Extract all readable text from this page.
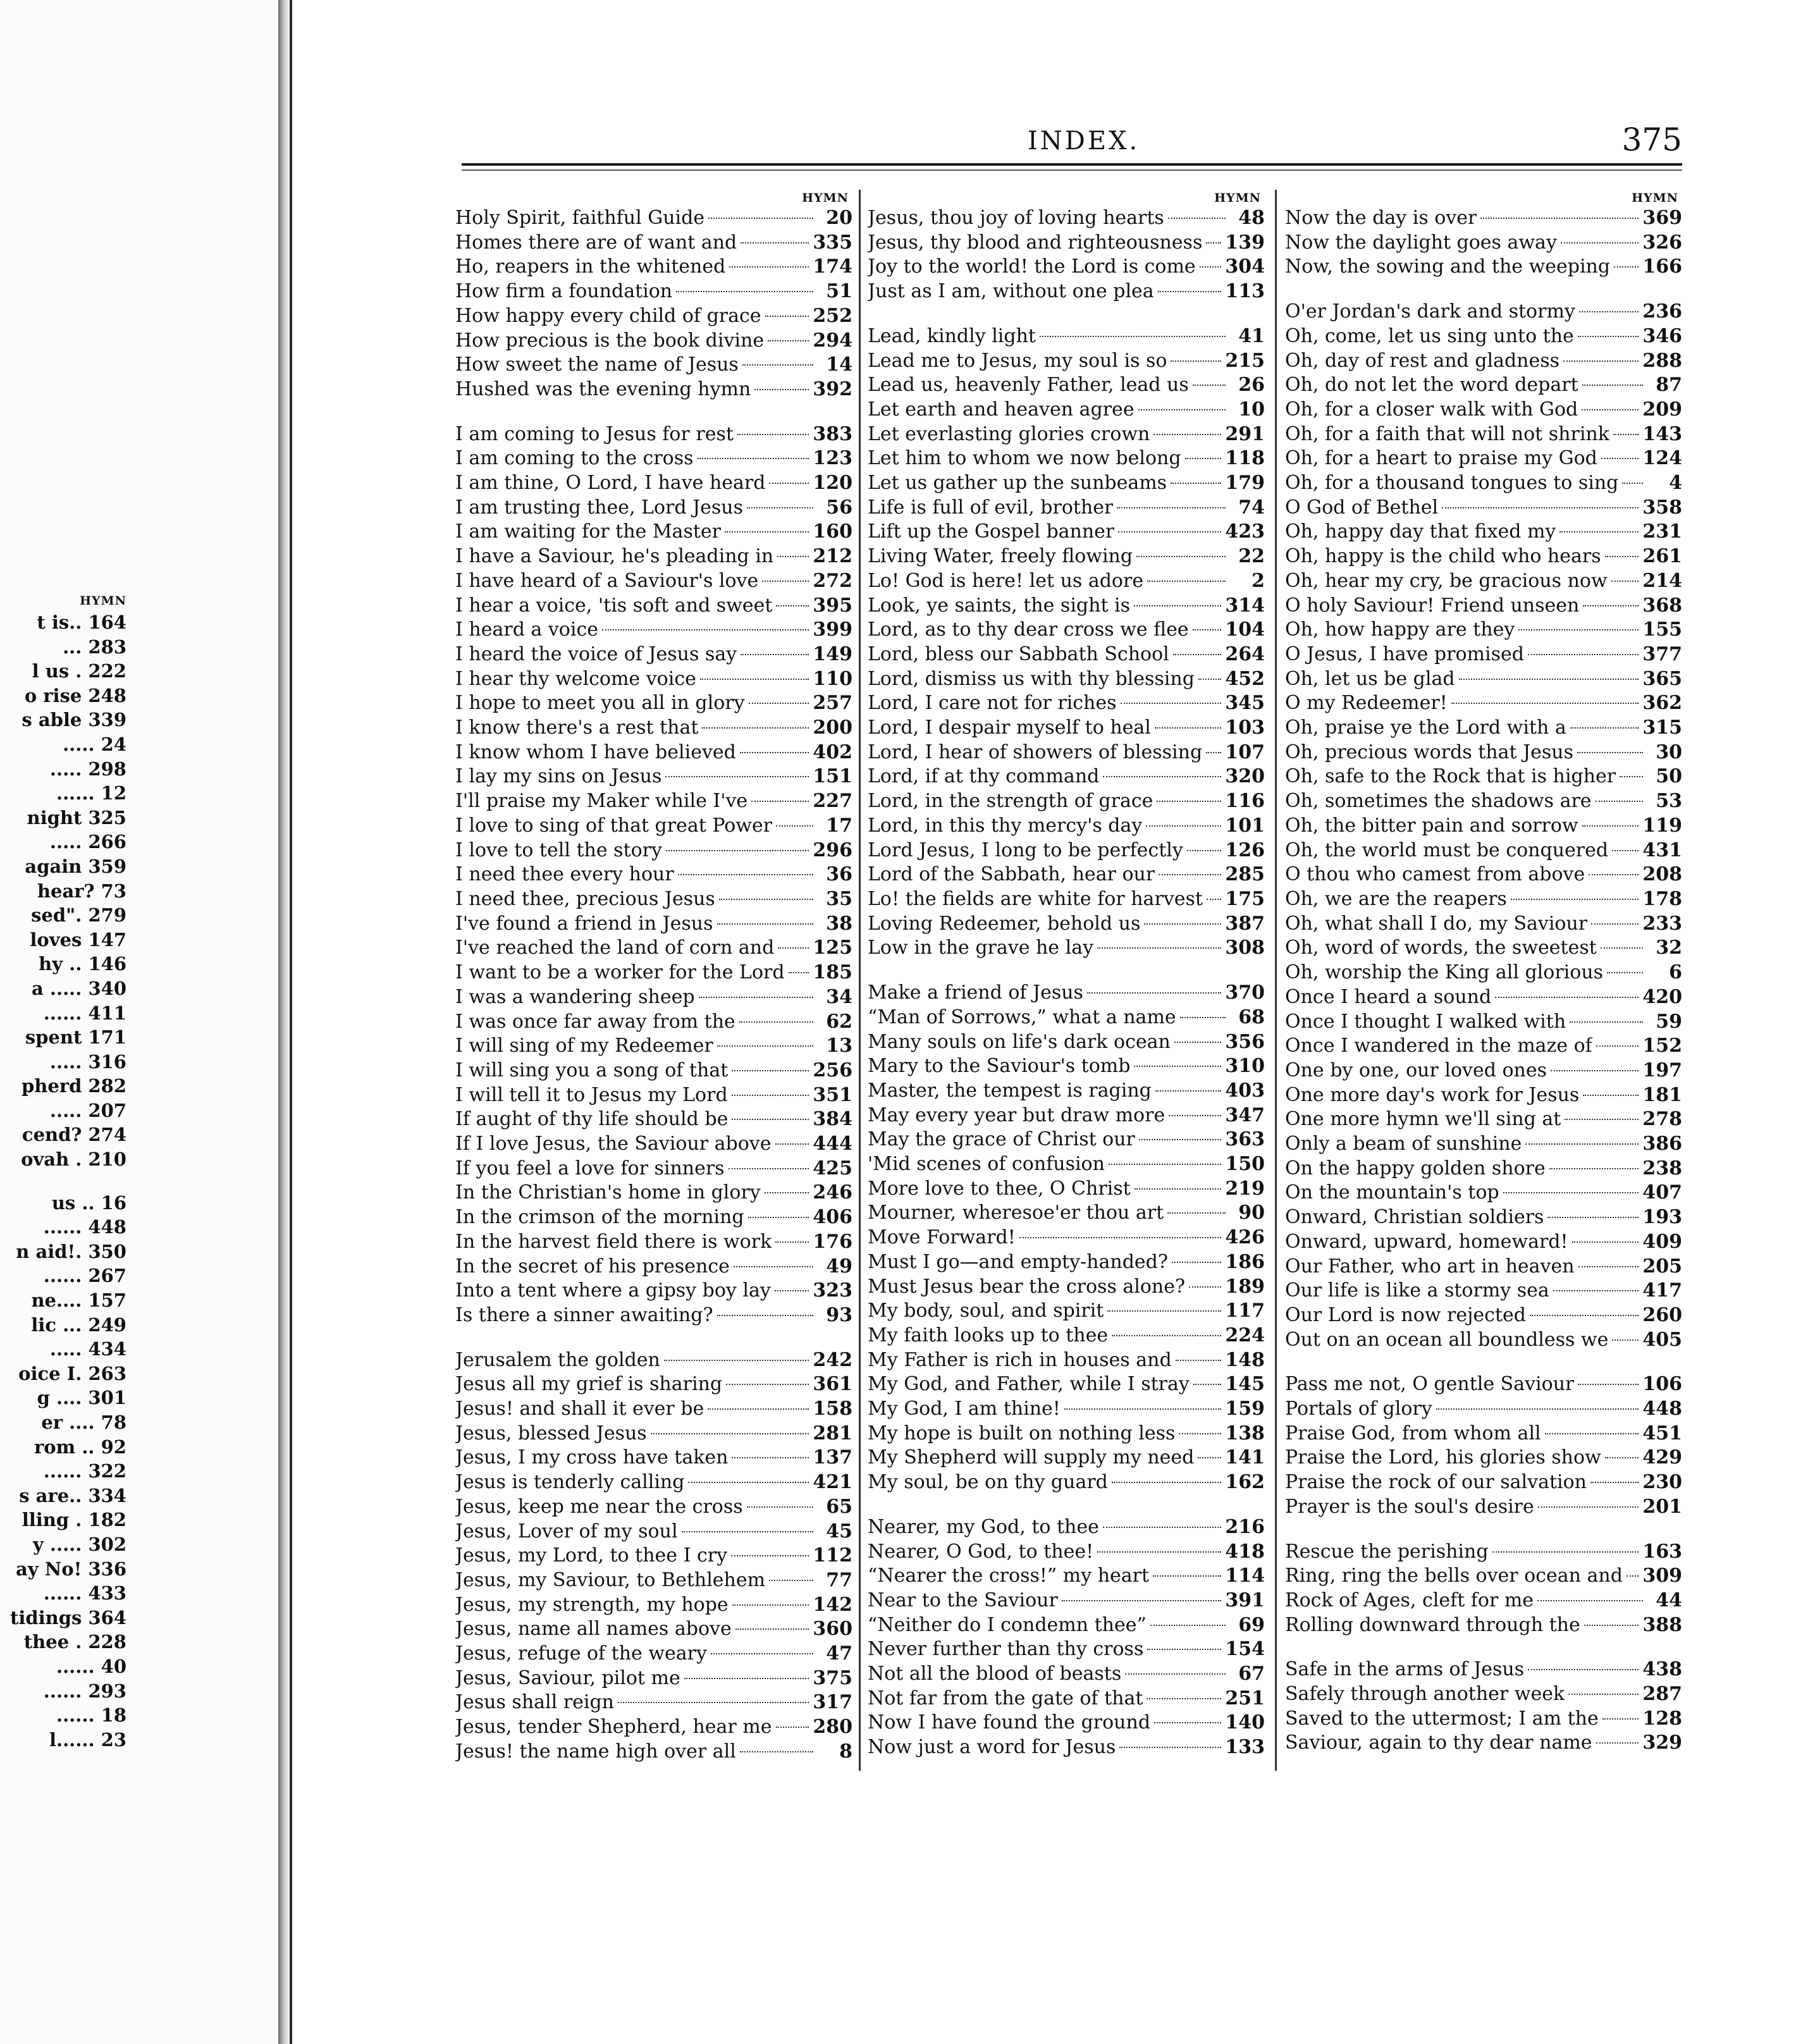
HYMN
t is.. 164
... 283
l us . 222
o rise 248
s able 339
..... 24
..... 298
...... 12
night 325
..... 266
again 359
hear? 73
sed". 279
loves 147
hy .. 146
a ..... 340
...... 411
spent 171
..... 316
pherd 282
..... 207
cend? 274
ovah . 210
us .. 16
...... 448
n aid!. 350
...... 267
ne.... 157
lic ... 249
..... 434
oice I. 263
g .... 301
er .... 78
rom .. 92
...... 322
s are.. 334
lling . 182
y ..... 302
ay No! 336
...... 433
tidings 364
thee . 228
...... 40
...... 293
...... 18
l...... 23
INDEX.	375
HYMN
Holy Spirit, faithful Guide	20
Homes there are of want and	335
Ho, reapers in the whitened	174
How firm a foundation	51
How happy every child of grace	252
How precious is the book divine	294
How sweet the name of Jesus	14
Hushed was the evening hymn	392
I am coming to Jesus for rest	383
I am coming to the cross	123
I am thine, O Lord, I have heard 120
I am trusting thee, Lord Jesus	56
I am waiting for the Master	160
I have a Saviour, he's pleading in 212
I have heard of a Saviour's love	272
I hear a voice, 'tis soft and sweet 395
I heard a voice	399
I heard the voice of Jesus say	149
I hear thy welcome voice	110
I hope to meet you all in glory	257
I know there's a rest that	200
I know whom I have believed	402
I lay my sins on Jesus	151
I'll praise my Maker while I've	227
I love to sing of that great Power	17
I love to tell the story	296
I need thee every hour	36
I need thee, precious Jesus	35
I've found a friend in Jesus	38
I've reached the land of corn and 125
I want to be a worker for the Lord 185
I was a wandering sheep	34
I was once far away from the	62
I will sing of my Redeemer	13
I will sing you a song of that	256
I will tell it to Jesus my Lord	351
If aught of thy life should be	384
If I love Jesus, the Saviour above 444
If you feel a love for sinners	425
In the Christian's home in glory	246
In the crimson of the morning	406
In the harvest field there is work 176
In the secret of his presence	49
Into a tent where a gipsy boy lay 323
Is there a sinner awaiting?	93
Jerusalem the golden	242
Jesus all my grief is sharing	361
Jesus! and shall it ever be	158
Jesus, blessed Jesus	281
Jesus, I my cross have taken	137
Jesus is tenderly calling	421
Jesus, keep me near the cross	65
Jesus, Lover of my soul	45
Jesus, my Lord, to thee I cry	112
Jesus, my Saviour, to Bethlehem	77
Jesus, my strength, my hope	142
Jesus, name all names above	360
Jesus, refuge of the weary	47
Jesus, Saviour, pilot me	375
Jesus shall reign	317
Jesus, tender Shepherd, hear me 280
Jesus! the name high over all	8
HYMN
Jesus, thou joy of loving hearts	48
Jesus, thy blood and righteousness 139
Joy to the world! the Lord is come 304
Just as I am, without one plea	113
Lead, kindly light	41
Lead me to Jesus, my soul is so	215
Lead us, heavenly Father, lead us	26
Let earth and heaven agree	10
Let everlasting glories crown	291
Let him to whom we now belong 118
Let us gather up the sunbeams	179
Life is full of evil, brother	74
Lift up the Gospel banner	423
Living Water, freely flowing	22
Lo! God is here! let us adore	2
Look, ye saints, the sight is	314
Lord, as to thy dear cross we flee 104
Lord, bless our Sabbath School	264
Lord, dismiss us with thy blessing 452
Lord, I care not for riches	345
Lord, I despair myself to heal	103
Lord, I hear of showers of blessing 107
Lord, if at thy command	320
Lord, in the strength of grace	116
Lord, in this thy mercy's day	101
Lord Jesus, I long to be perfectly 126
Lord of the Sabbath, hear our	285
Lo! the fields are white for harvest 175
Loving Redeemer, behold us	387
Low in the grave he lay	308
Make a friend of Jesus	370
“Man of Sorrows,” what a name	68
Many souls on life's dark ocean	356
Mary to the Saviour's tomb	310
Master, the tempest is raging	403
May every year but draw more	347
May the grace of Christ our	363
'Mid scenes of confusion	150
More love to thee, O Christ	219
Mourner, wheresoe'er thou art	90
Move Forward!	426
Must I go—and empty-handed?	186
Must Jesus bear the cross alone? 189
My body, soul, and spirit	117
My faith looks up to thee	224
My Father is rich in houses and	148
My God, and Father, while I stray 145
My God, I am thine!	159
My hope is built on nothing less	138
My Shepherd will supply my need 141
My soul, be on thy guard	162
Nearer, my God, to thee	216
Nearer, O God, to thee!	418
“Nearer the cross!” my heart	114
Near to the Saviour	391
“Neither do I condemn thee”	69
Never further than thy cross	154
Not all the blood of beasts	67
Not far from the gate of that	251
Now I have found the ground	140
Now just a word for Jesus	133
HYMN
Now the day is over	369
Now the daylight goes away	326
Now, the sowing and the weeping 166
O'er Jordan's dark and stormy	236
Oh, come, let us sing unto the	346
Oh, day of rest and gladness	288
Oh, do not let the word depart	87
Oh, for a closer walk with God	209
Oh, for a faith that will not shrink 143
Oh, for a heart to praise my God 124
Oh, for a thousand tongues to sing	4
O God of Bethel	358
Oh, happy day that fixed my	231
Oh, happy is the child who hears 261
Oh, hear my cry, be gracious now 214
O holy Saviour! Friend unseen	368
Oh, how happy are they	155
O Jesus, I have promised	377
Oh, let us be glad	365
O my Redeemer!	362
Oh, praise ye the Lord with a	315
Oh, precious words that Jesus	30
Oh, safe to the Rock that is higher	50
Oh, sometimes the shadows are	53
Oh, the bitter pain and sorrow	119
Oh, the world must be conquered 431
O thou who camest from above	208
Oh, we are the reapers	178
Oh, what shall I do, my Saviour	233
Oh, word of words, the sweetest	32
Oh, worship the King all glorious	6
Once I heard a sound	420
Once I thought I walked with	59
Once I wandered in the maze of	152
One by one, our loved ones	197
One more day's work for Jesus	181
One more hymn we'll sing at	278
Only a beam of sunshine	386
On the happy golden shore	238
On the mountain's top	407
Onward, Christian soldiers	193
Onward, upward, homeward!	409
Our Father, who art in heaven	205
Our life is like a stormy sea	417
Our Lord is now rejected	260
Out on an ocean all boundless we 405
Pass me not, O gentle Saviour	106
Portals of glory	448
Praise God, from whom all	451
Praise the Lord, his glories show 429
Praise the rock of our salvation	230
Prayer is the soul's desire	201
Rescue the perishing	163
Ring, ring the bells over ocean and 309
Rock of Ages, cleft for me	44
Rolling downward through the	388
Safe in the arms of Jesus	438
Safely through another week	287
Saved to the uttermost; I am the 128
Saviour, again to thy dear name	329
